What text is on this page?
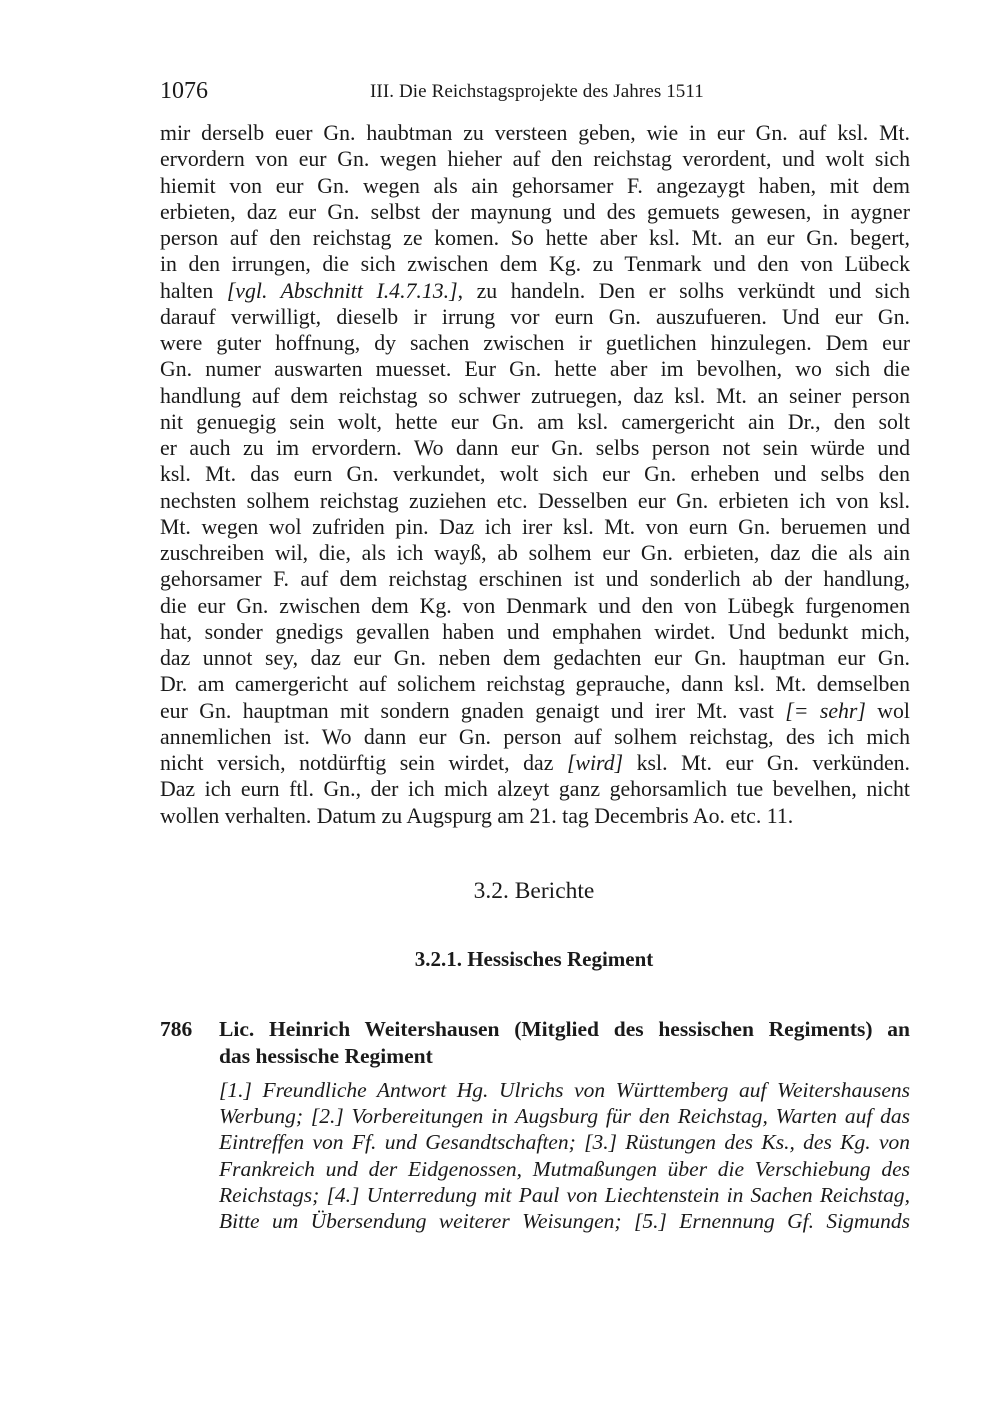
1076	III. Die Reichstagsprojekte des Jahres 1511
mir derselb euer Gn. haubtman zu versteen geben, wie in eur Gn. auf ksl. Mt.
ervordern von eur Gn. wegen hieher auf den reichstag verordent, und wolt sich
hiemit von eur Gn. wegen als ain gehorsamer F. angezaygt haben, mit dem
erbieten, daz eur Gn. selbst der maynung und des gemuets gewesen, in aygner
person auf den reichstag ze komen. So hette aber ksl. Mt. an eur Gn. begert,
in den irrungen, die sich zwischen dem Kg. zu Tenmark und den von Lübeck
halten [vgl. Abschnitt I.4.7.13.], zu handeln. Den er solhs verkündt und sich
darauf verwilligt, dieselb ir irrung vor eurn Gn. auszufueren. Und eur Gn.
were guter hoffnung, dy sachen zwischen ir guetlichen hinzulegen. Dem eur
Gn. numer auswarten muesset. Eur Gn. hette aber im bevolhen, wo sich die
handlung auf dem reichstag so schwer zutruegen, daz ksl. Mt. an seiner person
nit genuegig sein wolt, hette eur Gn. am ksl. camergericht ain Dr., den solt
er auch zu im ervordern. Wo dann eur Gn. selbs person not sein würde und
ksl. Mt. das eurn Gn. verkundet, wolt sich eur Gn. erheben und selbs den
nechsten solhem reichstag zuziehen etc. Desselben eur Gn. erbieten ich von ksl.
Mt. wegen wol zufriden pin. Daz ich irer ksl. Mt. von eurn Gn. beruemen und
zuschreiben wil, die, als ich wayß, ab solhem eur Gn. erbieten, daz die als ain
gehorsamer F. auf dem reichstag erschinen ist und sonderlich ab der handlung,
die eur Gn. zwischen dem Kg. von Denmark und den von Lübegk furgenomen
hat, sonder gnedigs gevallen haben und emphahen wirdet. Und bedunkt mich,
daz unnot sey, daz eur Gn. neben dem gedachten eur Gn. hauptman eur Gn.
Dr. am camergericht auf solichem reichstag geprauche, dann ksl. Mt. demselben
eur Gn. hauptman mit sondern gnaden genaigt und irer Mt. vast [= sehr] wol
annemlichen ist. Wo dann eur Gn. person auf solhem reichstag, des ich mich
nicht versich, notdürftig sein wirdet, daz [wird] ksl. Mt. eur Gn. verkünden.
Daz ich eurn ftl. Gn., der ich mich alzeyt ganz gehorsamlich tue bevelhen, nicht
wollen verhalten. Datum zu Augspurg am 21. tag Decembris Ao. etc. 11.
3.2. Berichte
3.2.1. Hessisches Regiment
786 Lic. Heinrich Weitershausen (Mitglied des hessischen Regiments) an
das hessische Regiment
[1.] Freundliche Antwort Hg. Ulrichs von Württemberg auf Weitershausens
Werbung; [2.] Vorbereitungen in Augsburg für den Reichstag, Warten auf das
Eintreffen von Ff. und Gesandtschaften; [3.] Rüstungen des Ks., des Kg. von
Frankreich und der Eidgenossen, Mutmaßungen über die Verschiebung des
Reichstags; [4.] Unterredung mit Paul von Liechtenstein in Sachen Reichstag,
Bitte um Übersendung weiterer Weisungen; [5.] Ernennung Gf. Sigmunds
